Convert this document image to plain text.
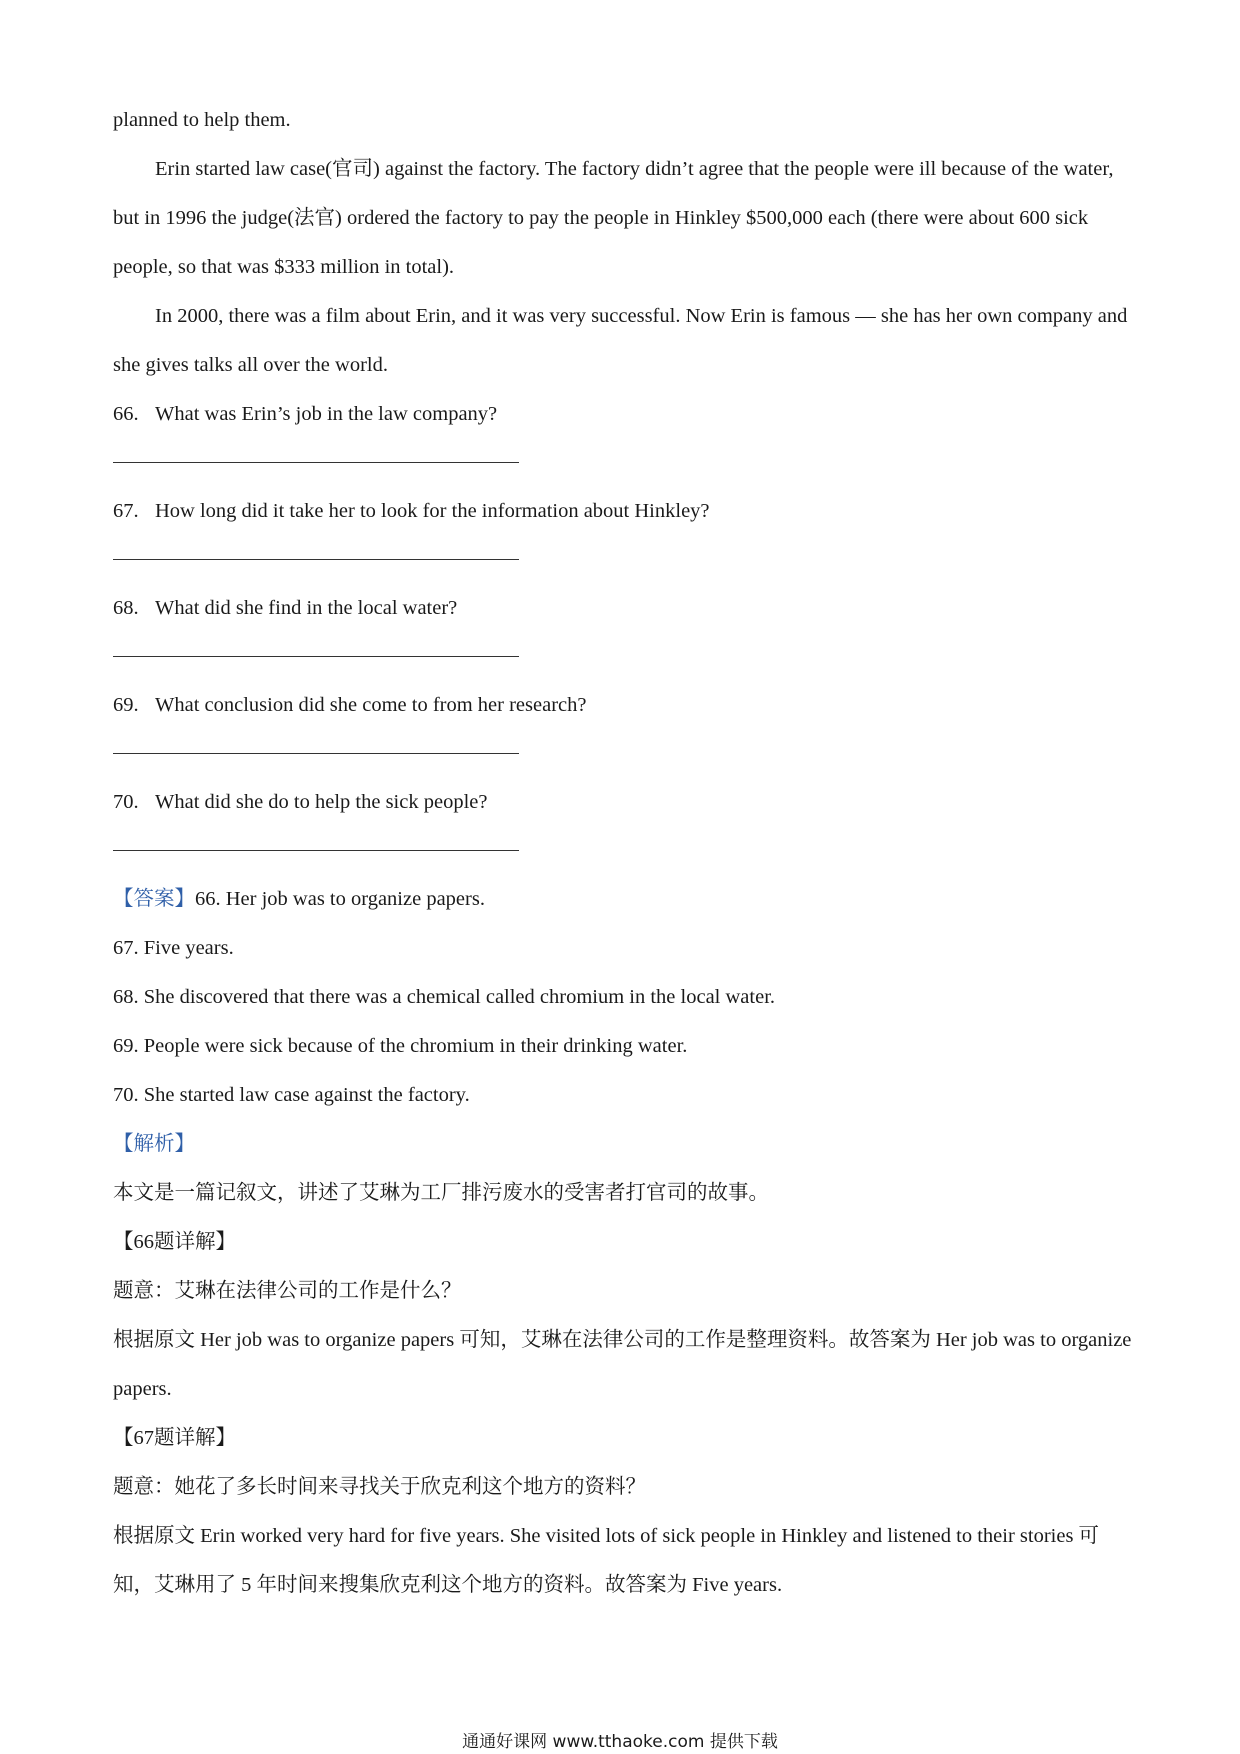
planned to help them.

Erin started law case(官司) against the factory. The factory didn’t agree that the people were ill because of the water, but in 1996 the judge(法官) ordered the factory to pay the people in Hinkley $500,000 each (there were about 600 sick people, so that was $333 million in total).

In 2000, there was a film about Erin, and it was very successful. Now Erin is famous — she has her own company and she gives talks all over the world.

66. What was Erin’s job in the law company?
67. How long did it take her to look for the information about Hinkley?
68. What did she find in the local water?
69. What conclusion did she come to from her research?
70. What did she do to help the sick people?

【答案】66. Her job was to organize papers.

67. Five years.

68. She discovered that there was a chemical called chromium in the local water.

69. People were sick because of the chromium in their drinking water.

70. She started law case against the factory.

【解析】

本文是一篇记叙文，讲述了艾琳为工厂排污废水的受害者打官司的故事。

【66题详解】

题意：艾琳在法律公司的工作是什么？

根据原文 Her job was to organize papers 可知，艾琳在法律公司的工作是整理资料。故答案为 Her job was to organize papers.

【67题详解】

题意：她花了多长时间来寻找关于欣克利这个地方的资料？

根据原文 Erin worked very hard for five years. She visited lots of sick people in Hinkley and listened to their stories 可知，艾琳用了 5 年时间来搜集欣克利这个地方的资料。故答案为 Five years.

通通好课网 www.tthaoke.com 提供下载
